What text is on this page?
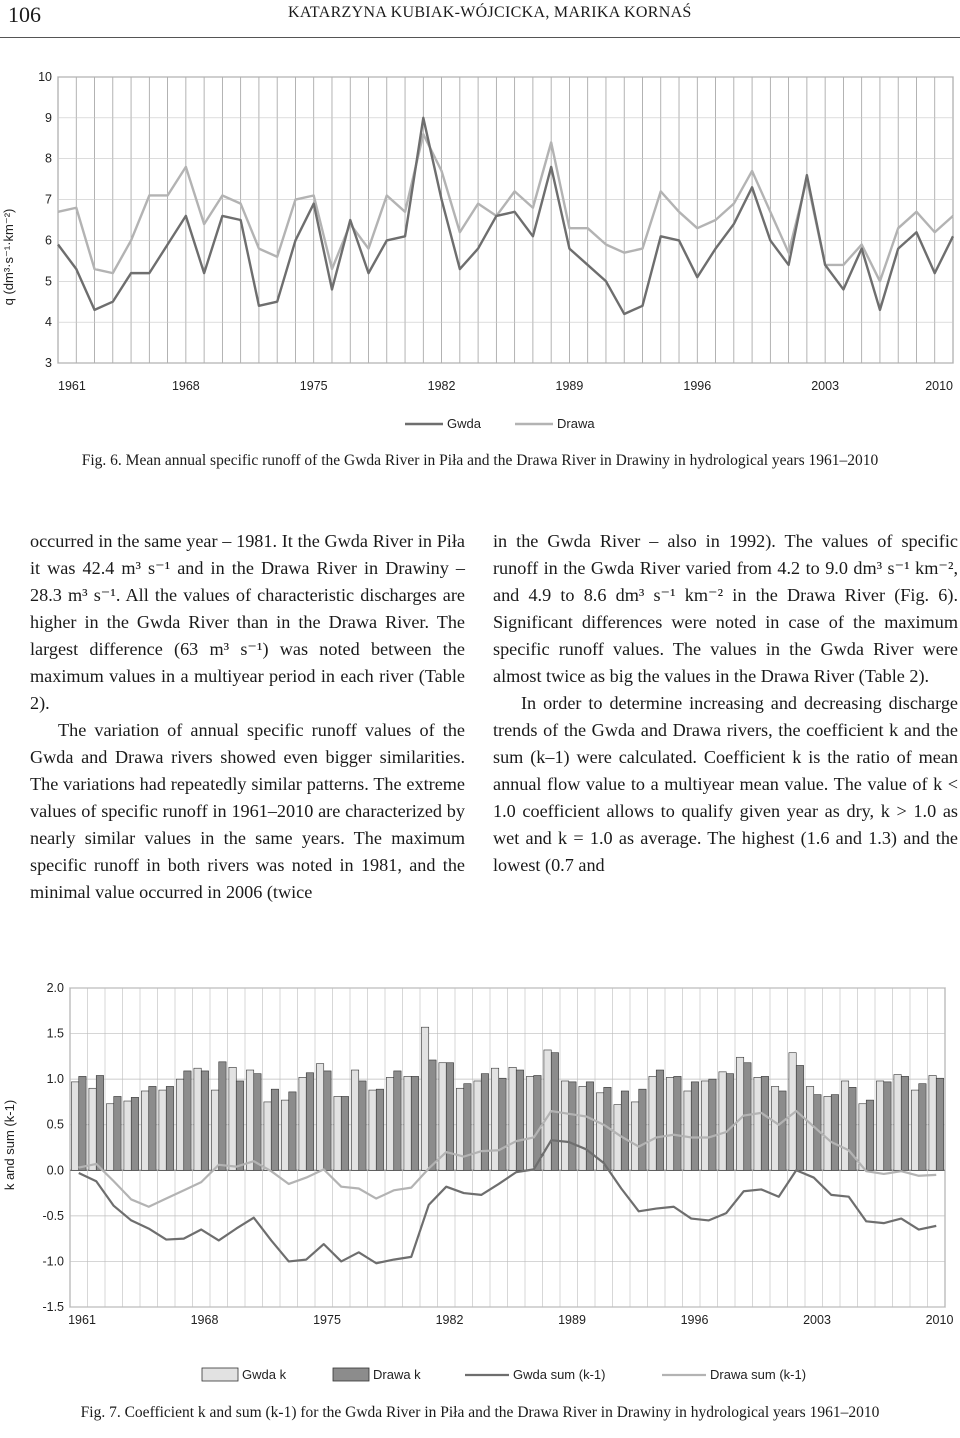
106	KATARZYNA KUBIAK-WÓJCICKA, MARIKA KORNAŚ
3
4
5
6
7
8
9
10
1961	1968	1975	1982	1989	1996	2003	2010
q (dm³·s⁻¹·km⁻²)
Gwda	Drawa
Fig. 6. Mean annual specific runoff of the Gwda River in Piła and the Drawa River in Drawiny in hydrological years 1961–2010

occurred in the same year – 1981. It the Gwda River in Piła it was 42.4 m³ s⁻¹ and in the Drawa River in Drawiny – 28.3 m³ s⁻¹. All the values of characteristic discharges are higher in the Gwda River than in the Drawa River. The largest difference (63 m³ s⁻¹) was noted between the maximum values in a multiyear period in each river (Table 2).

The variation of annual specific runoff values of the Gwda and Drawa rivers showed even bigger similarities. The variations had repeatedly similar patterns. The extreme values of specific runoff in 1961–2010 are characterized by nearly similar values in the same years. The maximum specific runoff in both rivers was noted in 1981, and the minimal value occurred in 2006 (twice

in the Gwda River – also in 1992). The values of specific runoff in the Gwda River varied from 4.2 to 9.0 dm³ s⁻¹ km⁻², and 4.9 to 8.6 dm³ s⁻¹ km⁻² in the Drawa River (Fig. 6). Significant differences were noted in case of the maximum specific runoff values. The values in the Gwda River were almost twice as big the values in the Drawa River (Table 2).

In order to determine increasing and decreasing discharge trends of the Gwda and Drawa rivers, the coefficient k and the sum (k–1) were calculated. Coefficient k is the ratio of mean annual flow value to a multiyear mean value. The value of k < 1.0 coefficient allows to qualify given year as dry, k > 1.0 as wet and k = 1.0 as average. The highest (1.6 and 1.3) and the lowest (0.7 and

-1.5
-1.0
-0.5
0.0
0.5
1.0
1.5
2.0
1961	1968	1975	1982	1989	1996	2003	2010
k and sum (k-1)
Gwda k	Drawa k	Gwda sum (k-1)	Drawa sum (k-1)
Fig. 7. Coefficient k and sum (k-1) for the Gwda River in Piła and the Drawa River in Drawiny in hydrological years 1961–2010
